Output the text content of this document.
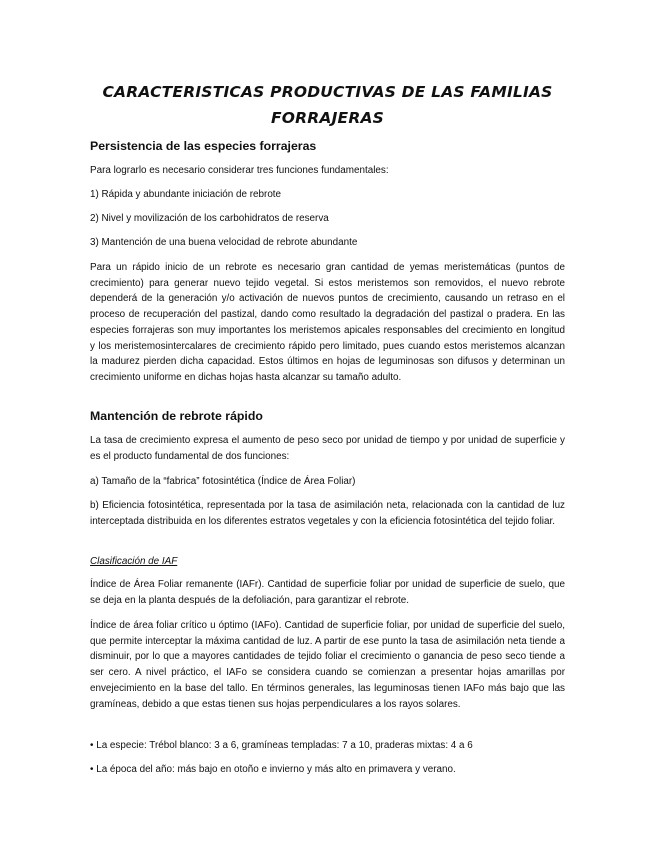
CARACTERISTICAS PRODUCTIVAS DE LAS FAMILIAS
FORRAJERAS
Persistencia de las especies forrajeras

Para lograrlo es necesario considerar tres funciones fundamentales:

1) Rápida y abundante iniciación de rebrote

2) Nivel y movilización de los carbohidratos de reserva

3) Mantención de una buena velocidad de rebrote abundante

Para un rápido inicio de un rebrote es necesario gran cantidad de yemas meristemáticas (puntos de crecimiento) para generar nuevo tejido vegetal. Si estos meristemos son removidos, el nuevo rebrote dependerá de la generación y/o activación de nuevos puntos de crecimiento, causando un retraso en el proceso de recuperación del pastizal, dando como resultado la degradación del pastizal o pradera. En las especies forrajeras son muy importantes los meristemos apicales responsables del crecimiento en longitud y los meristemosintercalares de crecimiento rápido pero limitado, pues cuando estos meristemos alcanzan la madurez pierden dicha capacidad. Estos últimos en hojas de leguminosas son difusos y determinan un crecimiento uniforme en dichas hojas hasta alcanzar su tamaño adulto.

Mantención de rebrote rápido

La tasa de crecimiento expresa el aumento de peso seco por unidad de tiempo y por unidad de superficie y es el producto fundamental de dos funciones:

a) Tamaño de la “fabrica” fotosintética (Índice de Área Foliar)

b) Eficiencia fotosintética, representada por la tasa de asimilación neta, relacionada con la cantidad de luz interceptada distribuida en los diferentes estratos vegetales y con la eficiencia fotosintética del tejido foliar.

Clasificación de IAF

Índice de Área Foliar remanente (IAFr). Cantidad de superficie foliar por unidad de superficie de suelo, que se deja en la planta después de la defoliación, para garantizar el rebrote.

Índice de área foliar crítico u óptimo (IAFo). Cantidad de superficie foliar, por unidad de superficie del suelo, que permite interceptar la máxima cantidad de luz. A partir de ese punto la tasa de asimilación neta tiende a disminuir, por lo que a mayores cantidades de tejido foliar el crecimiento o ganancia de peso seco tiende a ser cero. A nivel práctico, el IAFo se considera cuando se comienzan a presentar hojas amarillas por envejecimiento en la base del tallo. En términos generales, las leguminosas tienen IAFo más bajo que las gramíneas, debido a que estas tienen sus hojas perpendiculares a los rayos solares.

• La especie: Trébol blanco: 3 a 6, gramíneas templadas: 7 a 10, praderas mixtas: 4 a 6

• La época del año: más bajo en otoño e invierno y más alto en primavera y verano.
